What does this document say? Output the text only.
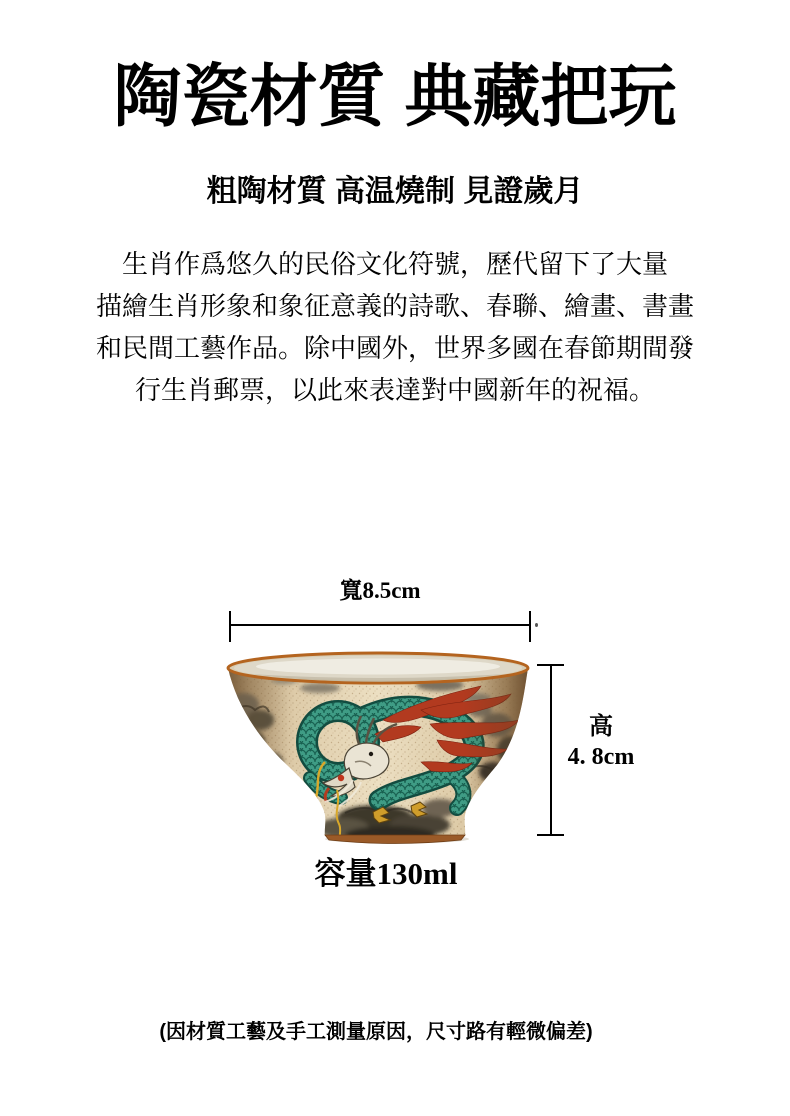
陶瓷材質 典藏把玩
粗陶材質 高温燒制 見證歲月
生肖作爲悠久的民俗文化符號，歷代留下了大量
描繪生肖形象和象征意義的詩歌、春聯、繪畫、書畫
和民間工藝作品。除中國外，世界多國在春節期間發
行生肖郵票，以此來表達對中國新年的祝福。
寬8.5cm
高
4. 8cm
容量130ml
(因材質工藝及手工測量原因，尺寸路有輕微偏差)
